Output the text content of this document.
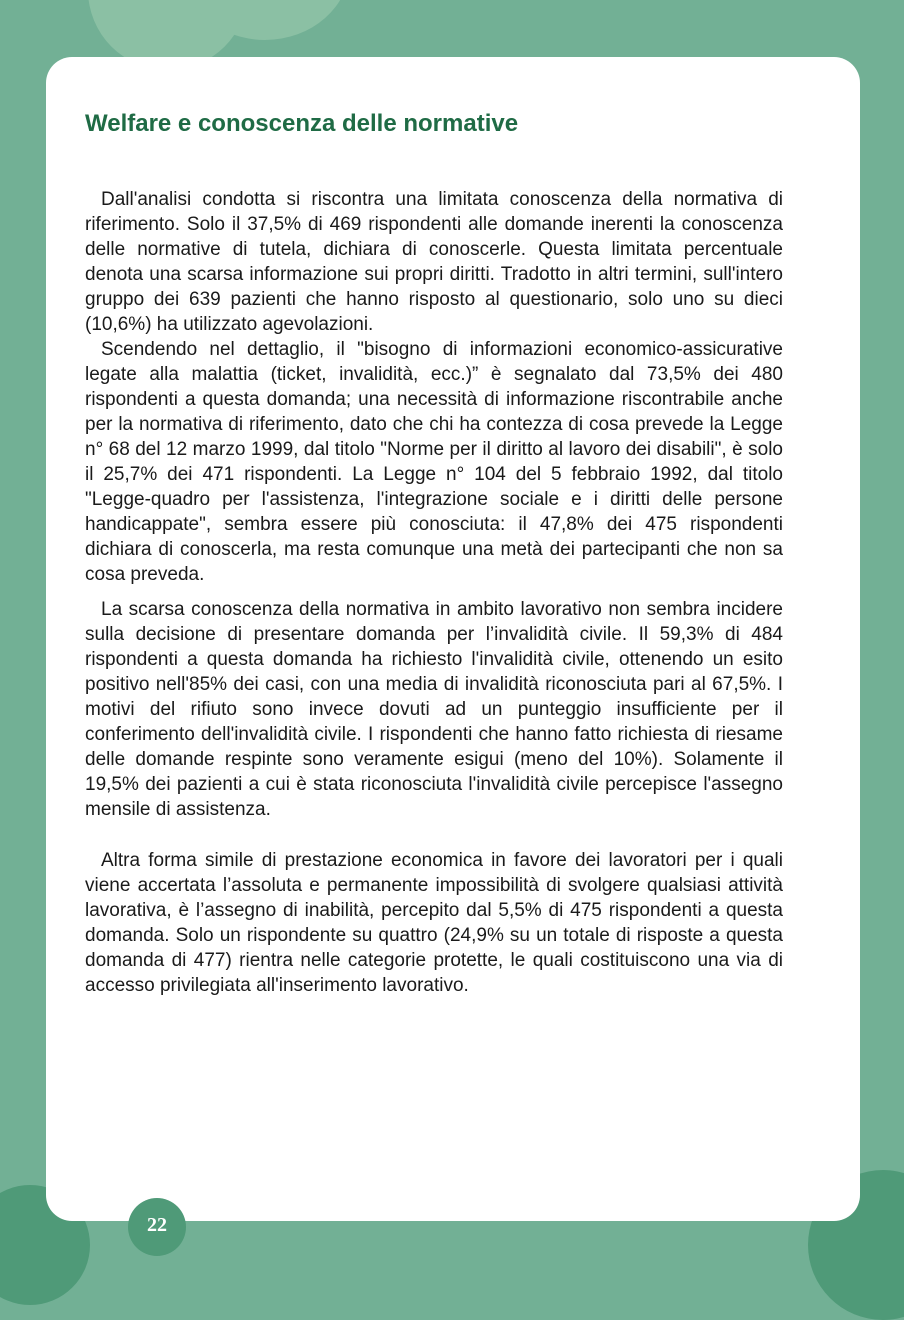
Welfare e conoscenza delle normative

Dall'analisi condotta si riscontra una limitata conoscenza della normativa di riferimento. Solo il 37,5% di 469 rispondenti alle domande inerenti la conoscenza delle normative di tutela, dichiara di conoscerle. Questa limitata percentuale denota una scarsa informazione sui propri diritti. Tradotto in altri termini, sull'intero gruppo dei 639 pazienti che hanno risposto al questionario, solo uno su dieci (10,6%) ha utilizzato agevolazioni.

Scendendo nel dettaglio, il "bisogno di informazioni economico-assicurative legate alla malattia (ticket, invalidità, ecc.)” è segnalato dal 73,5% dei 480 rispondenti a questa domanda; una necessità di informazione riscontrabile anche per la normativa di riferimento, dato che chi ha contezza di cosa prevede la Legge n° 68 del 12 marzo 1999, dal titolo "Norme per il diritto al lavoro dei disabili", è solo il 25,7% dei 471 rispondenti. La Legge n° 104 del 5 febbraio 1992, dal titolo "Legge-quadro per l'assistenza, l'integrazione sociale e i diritti delle persone handicappate", sembra essere più conosciuta: il 47,8% dei 475 rispondenti dichiara di conoscerla, ma resta comunque una metà dei partecipanti che non sa cosa preveda.

La scarsa conoscenza della normativa in ambito lavorativo non sembra incidere sulla decisione di presentare domanda per l’invalidità civile. Il 59,3% di 484 rispondenti a questa domanda ha richiesto l'invalidità civile, ottenendo un esito positivo nell'85% dei casi, con una media di invalidità riconosciuta pari al 67,5%. I motivi del rifiuto sono invece dovuti ad un punteggio insufficiente per il conferimento dell'invalidità civile. I rispondenti che hanno fatto richiesta di riesame delle domande respinte sono veramente esigui (meno del 10%). Solamente il 19,5% dei pazienti a cui è stata riconosciuta l'invalidità civile percepisce l'assegno mensile di assistenza.

Altra forma simile di prestazione economica in favore dei lavoratori per i quali viene accertata l’assoluta e permanente impossibilità di svolgere qualsiasi attività lavorativa, è l’assegno di inabilità, percepito dal 5,5% di 475 rispondenti a questa domanda. Solo un rispondente su quattro (24,9% su un totale di risposte a questa domanda di 477) rientra nelle categorie protette, le quali costituiscono una via di accesso privilegiata all'inserimento lavorativo.

22
